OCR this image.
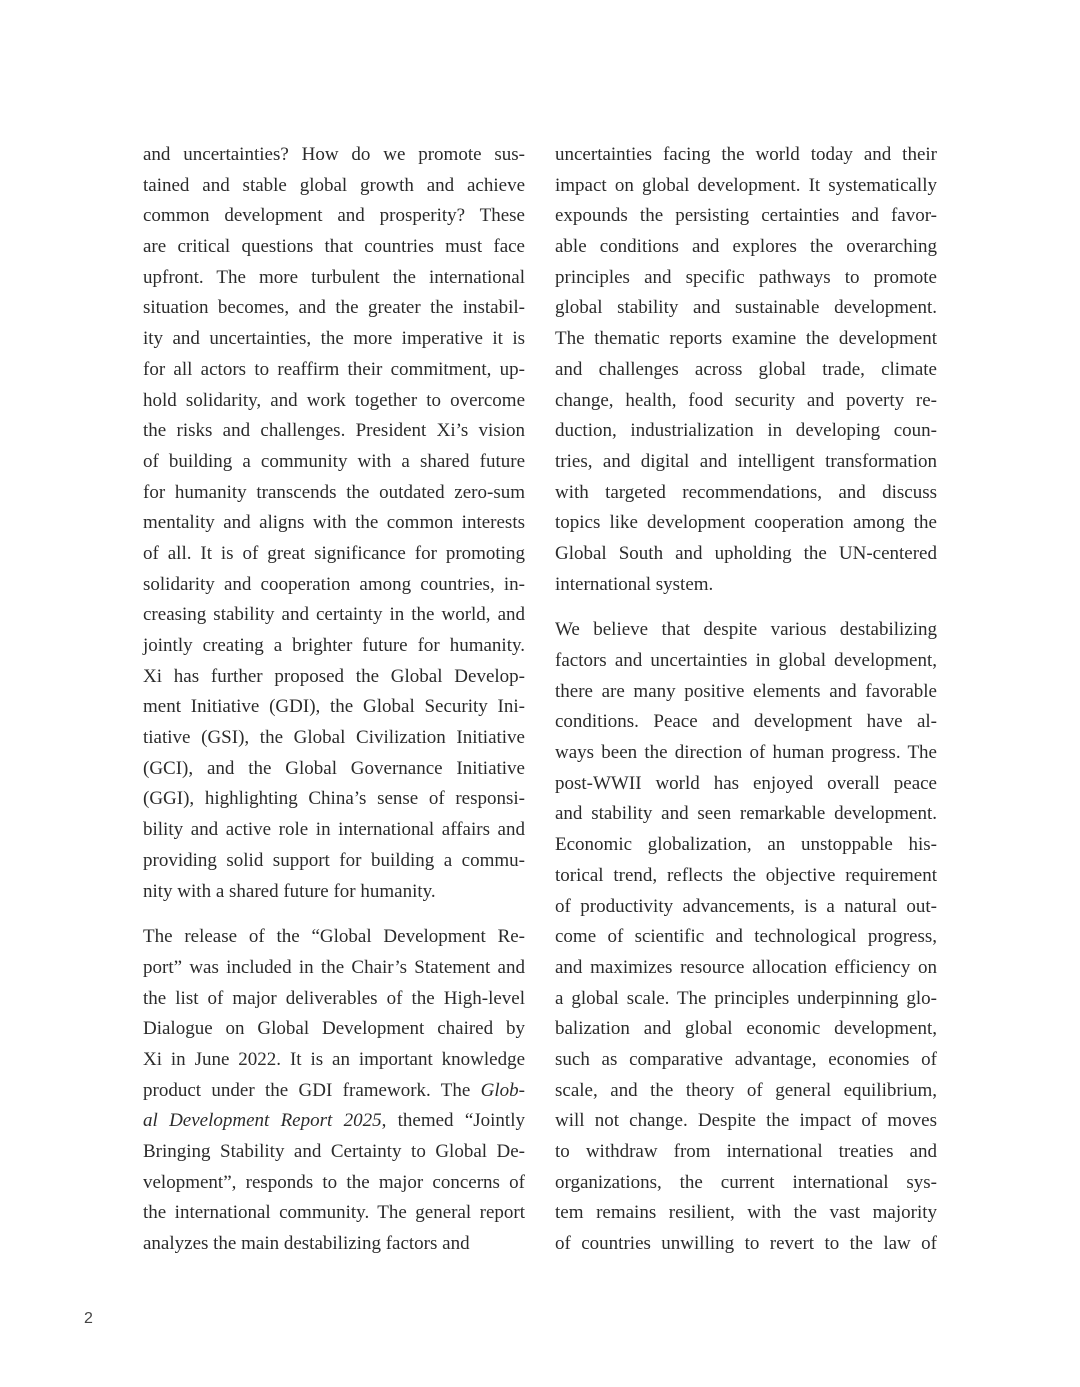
and uncertainties? How do we promote sus-
tained and stable global growth and achieve
common development and prosperity? These
are critical questions that countries must face
upfront. The more turbulent the international
situation becomes, and the greater the instabil-
ity and uncertainties, the more imperative it is
for all actors to reaffirm their commitment, up-
hold solidarity, and work together to overcome
the risks and challenges. President Xi’s vision
of building a community with a shared future
for humanity transcends the outdated zero-sum
mentality and aligns with the common interests
of all. It is of great significance for promoting
solidarity and cooperation among countries, in-
creasing stability and certainty in the world, and
jointly creating a brighter future for humanity.
Xi has further proposed the Global Develop-
ment Initiative (GDI), the Global Security Ini-
tiative (GSI), the Global Civilization Initiative
(GCI), and the Global Governance Initiative
(GGI), highlighting China’s sense of responsi-
bility and active role in international affairs and
providing solid support for building a commu-
nity with a shared future for humanity.
The release of the “Global Development Re-
port” was included in the Chair’s Statement and
the list of major deliverables of the High-level
Dialogue on Global Development chaired by
Xi in June 2022. It is an important knowledge
product under the GDI framework. The Glob-
al Development Report 2025, themed “Jointly
Bringing Stability and Certainty to Global De-
velopment”, responds to the major concerns of
the international community. The general report
analyzes the main destabilizing factors and
uncertainties facing the world today and their
impact on global development. It systematically
expounds the persisting certainties and favor-
able conditions and explores the overarching
principles and specific pathways to promote
global stability and sustainable development.
The thematic reports examine the development
and challenges across global trade, climate
change, health, food security and poverty re-
duction, industrialization in developing coun-
tries, and digital and intelligent transformation
with targeted recommendations, and discuss
topics like development cooperation among the
Global South and upholding the UN-centered
international system.
We believe that despite various destabilizing
factors and uncertainties in global development,
there are many positive elements and favorable
conditions. Peace and development have al-
ways been the direction of human progress. The
post-WWII world has enjoyed overall peace
and stability and seen remarkable development.
Economic globalization, an unstoppable his-
torical trend, reflects the objective requirement
of productivity advancements, is a natural out-
come of scientific and technological progress,
and maximizes resource allocation efficiency on
a global scale. The principles underpinning glo-
balization and global economic development,
such as comparative advantage, economies of
scale, and the theory of general equilibrium,
will not change. Despite the impact of moves
to withdraw from international treaties and
organizations, the current international sys-
tem remains resilient, with the vast majority
of countries unwilling to revert to the law of
2
